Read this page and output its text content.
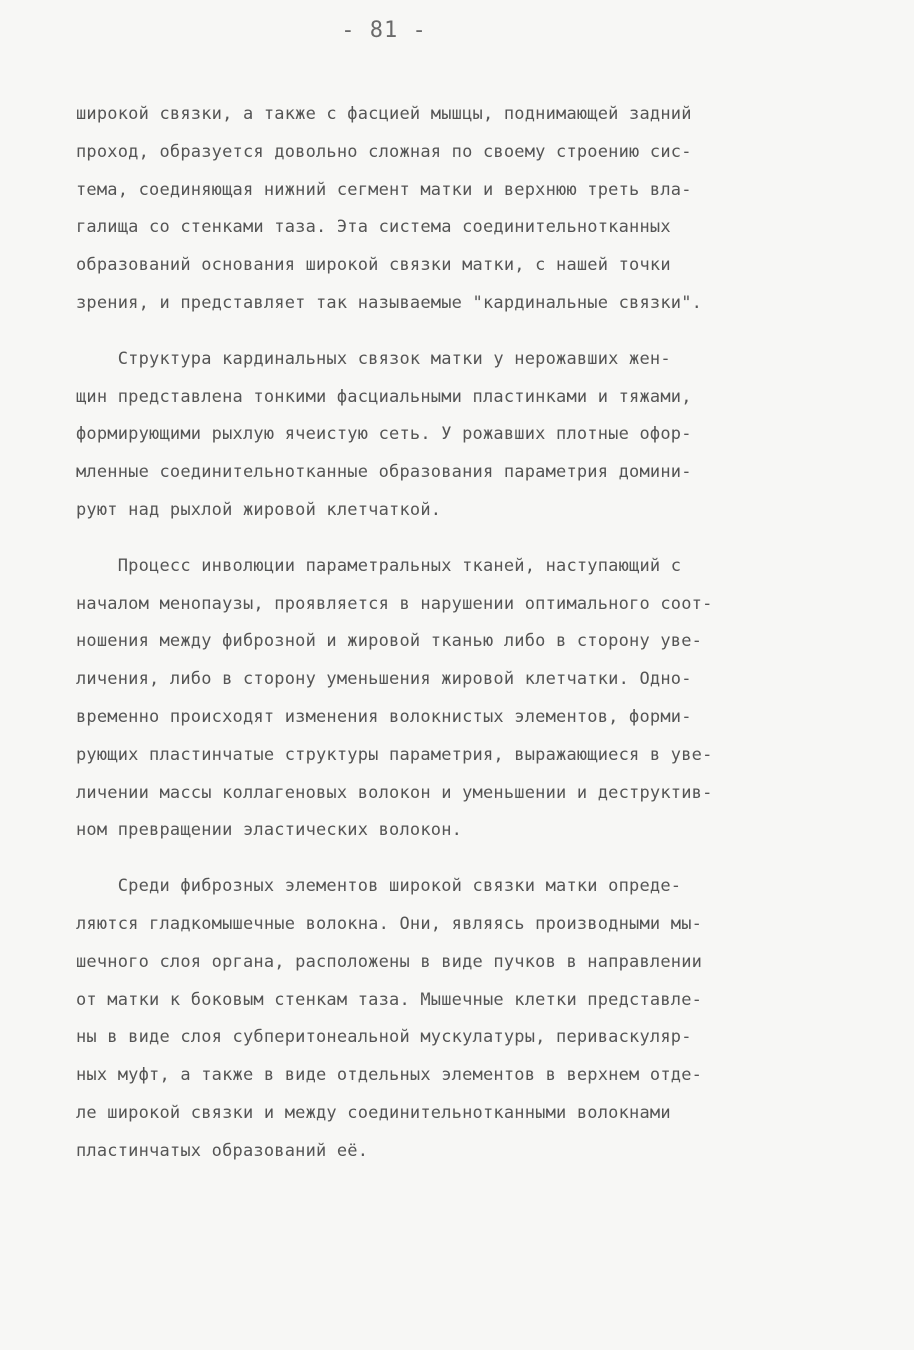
- 81 -
широкой связки, а также с фасцией мышцы, поднимающей задний
проход, образуется довольно сложная по своему строению сис-
тема, соединяющая нижний сегмент матки и верхнюю треть вла-
галища со стенками таза. Эта система соединительнотканных
образований основания широкой связки матки, с нашей точки
зрения, и представляет так называемые "кардинальные связки".
Структура кардинальных связок матки у нерожавших жен-
щин представлена тонкими фасциальными пластинками и тяжами,
формирующими рыхлую ячеистую сеть. У рожавших плотные офор-
мленные соединительнотканные образования параметрия домини-
руют над рыхлой жировой клетчаткой.
Процесс инволюции параметральных тканей, наступающий с
началом менопаузы, проявляется в нарушении оптимального соот-
ношения между фиброзной и жировой тканью либо в сторону уве-
личения, либо в сторону уменьшения жировой клетчатки. Одно-
временно происходят изменения волокнистых элементов, форми-
рующих пластинчатые структуры параметрия, выражающиеся в уве-
личении массы коллагеновых волокон и уменьшении и деструктив-
ном превращении эластических волокон.
Среди фиброзных элементов широкой связки матки опреде-
ляются гладкомышечные волокна. Они, являясь производными мы-
шечного слоя органа, расположены в виде пучков в направлении
от матки к боковым стенкам таза. Мышечные клетки представле-
ны в виде слоя субперитонеальной мускулатуры, периваскуляр-
ных муфт, а также в виде отдельных элементов в верхнем отде-
ле широкой связки и между соединительнотканными волокнами
пластинчатых образований её.
